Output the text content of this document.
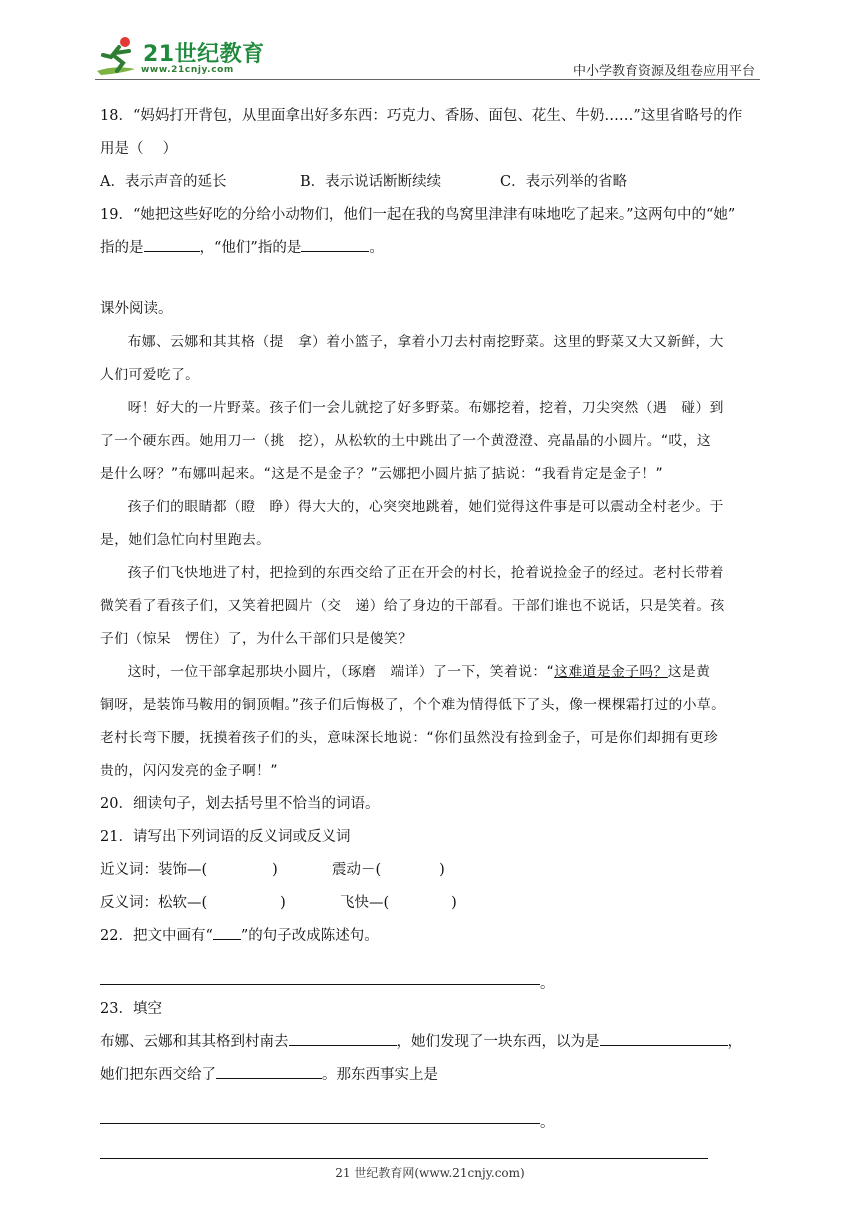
21世纪教育
www.21cnjy.com	中小学教育资源及组卷应用平台

18．“妈妈打开背包，从里面拿出好多东西：巧克力、香肠、面包、花生、牛奶……”这里省略号的作

用是（　 ）

A．表示声音的延长	B．表示说话断断续续	C．表示列举的省略

19．“她把这些好吃的分给小动物们，他们一起在我的鸟窝里津津有味地吃了起来。”这两句中的“她”

指的是	，“他们”指的是	。

课外阅读。

布娜、云娜和其其格（提　拿）着小篮子，拿着小刀去村南挖野菜。这里的野菜又大又新鲜，大

人们可爱吃了。

呀！好大的一片野菜。孩子们一会儿就挖了好多野菜。布娜挖着，挖着，刀尖突然（遇　碰）到

了一个硬东西。她用刀一（挑　挖），从松软的土中跳出了一个黄澄澄、亮晶晶的小圆片。“哎，这

是什么呀？”布娜叫起来。“这是不是金子？”云娜把小圆片掂了掂说：“我看肯定是金子！”

孩子们的眼睛都（瞪　睁）得大大的，心突突地跳着，她们觉得这件事是可以震动全村老少。于

是，她们急忙向村里跑去。

孩子们飞快地进了村，把捡到的东西交给了正在开会的村长，抢着说捡金子的经过。老村长带着

微笑看了看孩子们，又笑着把圆片（交　递）给了身边的干部看。干部们谁也不说话，只是笑着。孩

子们（惊呆　愣住）了，为什么干部们只是傻笑？

这时，一位干部拿起那块小圆片，（琢磨　端详）了一下，笑着说：“这难道是金子吗？这是黄

铜呀，是装饰马鞍用的铜顶帽。”孩子们后悔极了，个个难为情得低下了头，像一棵棵霜打过的小草。

老村长弯下腰，抚摸着孩子们的头，意味深长地说：“你们虽然没有捡到金子，可是你们却拥有更珍

贵的，闪闪发亮的金子啊！”

20．细读句子，划去括号里不恰当的词语。

21．请写出下列词语的反义词或反义词

近义词：装饰—(	)	震动－(	)
反义词：松软—(	)	飞快—(	)

22．把文中画有“ ”的句子改成陈述句。

。

23．填空

布娜、云娜和其其格到村南去	，她们发现了一块东西，以为是	，

她们把东西交给了	。那东西事实上是

。
21 世纪教育网(www.21cnjy.com)
